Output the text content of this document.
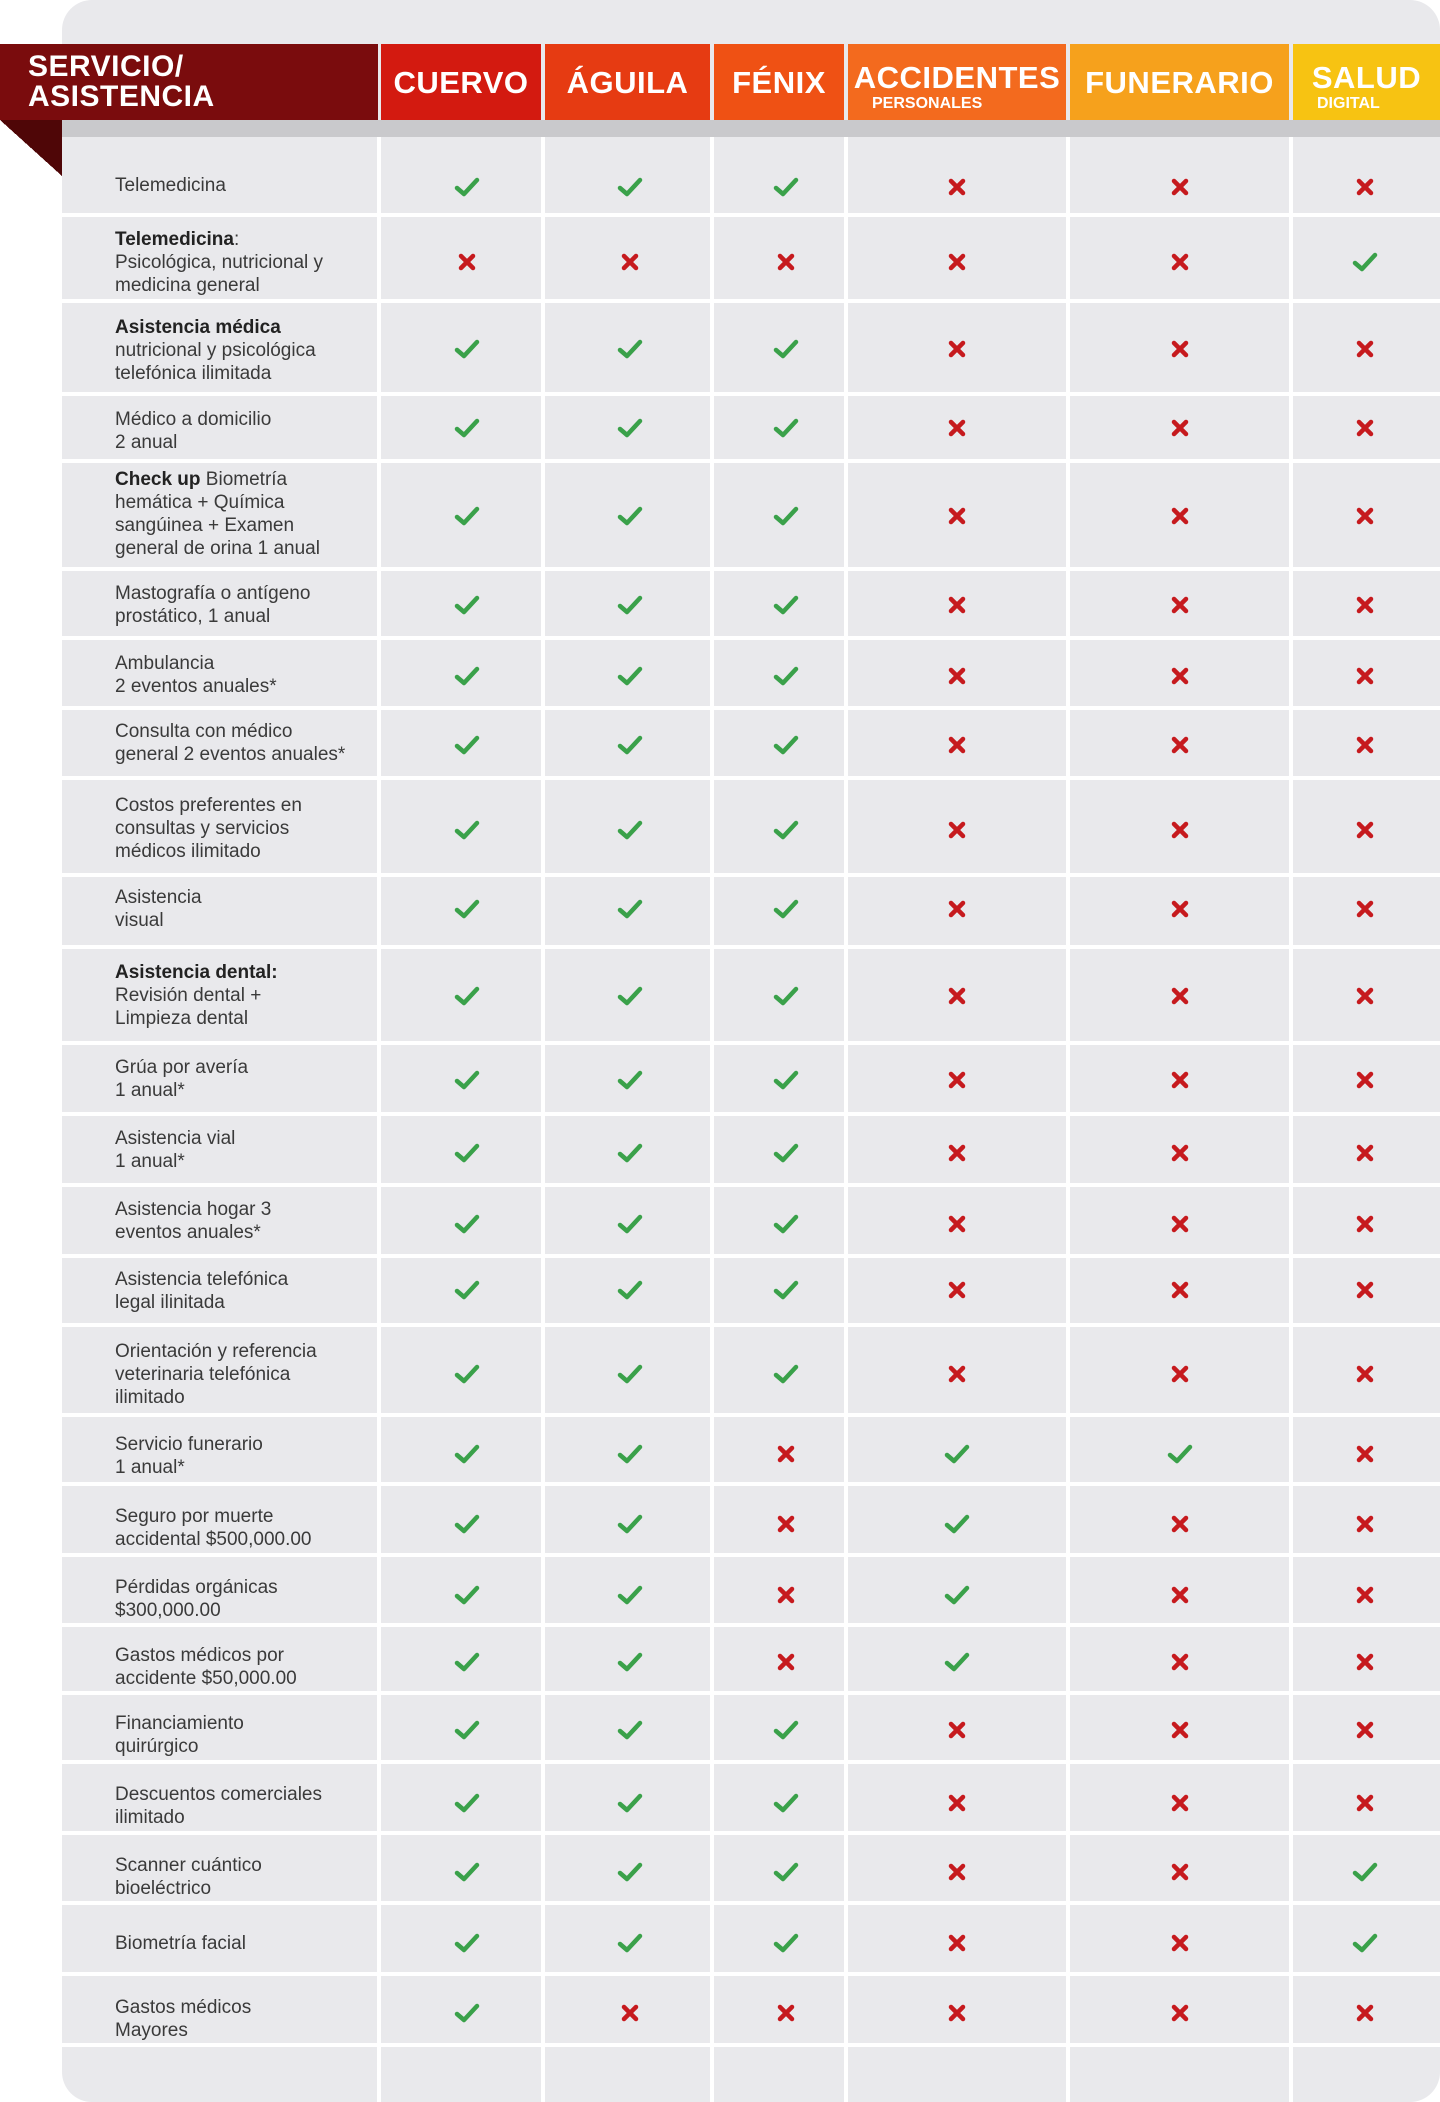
SERVICIO/ ASISTENCIA	CUERVO ÁGUILA FÉNIX ACCIDENTES
PERSONALES
FUNERARIO SALUD
DIGITAL
Telemedicina
Telemedicina:
Psicológica, nutricional y
medicina general
Asistencia médica
nutricional y psicológica
telefónica ilimitada
Médico a domicilio
2 anual
Check up Biometría
hemática + Química
sangúinea + Examen
general de orina 1 anual
Mastografía o antígeno
prostático, 1 anual
Ambulancia
2 eventos anuales*
Consulta con médico
general 2 eventos anuales*
Costos preferentes en
consultas y servicios
médicos ilimitado
Asistencia
visual
Asistencia dental:
Revisión dental +
Limpieza dental
Grúa por avería
1 anual*
Asistencia vial
1 anual*
Asistencia hogar 3
eventos anuales*
Asistencia telefónica
legal ilinitada
Orientación y referencia
veterinaria telefónica
ilimitado
Servicio funerario
1 anual*
Seguro por muerte
accidental $500,000.00
Pérdidas orgánicas
$300,000.00
Gastos médicos por
accidente $50,000.00
Financiamiento
quirúrgico
Descuentos comerciales
ilimitado
Scanner cuántico
bioeléctrico
Biometría facial
Gastos médicos
Mayores
